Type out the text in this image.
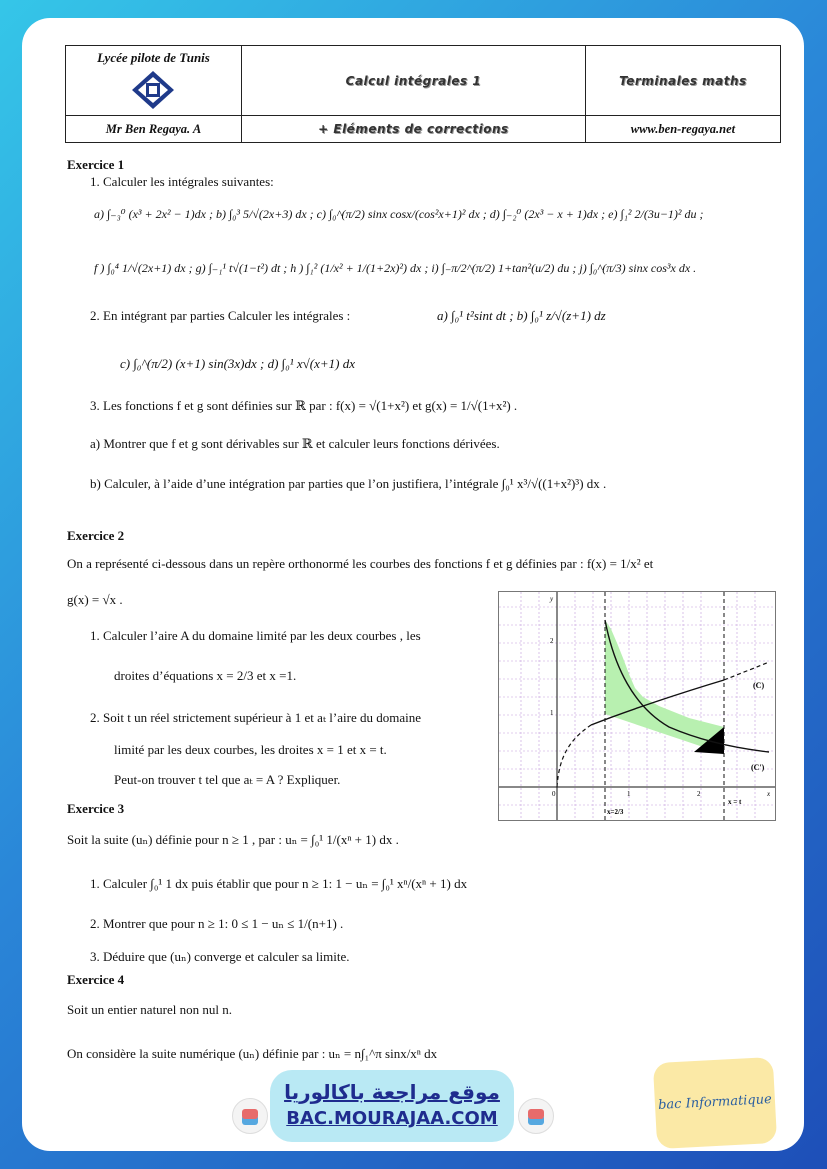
Lycée pilote de Tunis	Calcul intégrales 1	Terminales maths

Mr Ben Regaya. A	+ Eléments de corrections	www.ben-regaya.net
Exercice 1
1. Calculer les intégrales suivantes:
a) ∫₋₃⁰ (x³ + 2x² − 1)dx ; b) ∫₀³ 5/√(2x+3) dx ; c) ∫₀^(π/2) sinx cosx/(cos²x+1)² dx ; d) ∫₋₂⁰ (2x³ − x + 1)dx ; e) ∫₁² 2/(3u−1)² du ;
f ) ∫₀⁴ 1/√(2x+1) dx ; g) ∫₋₁¹ t√(1−t²) dt ; h ) ∫₁² (1/x² + 1/(1+2x)²) dx ; i) ∫₋π/2^(π/2) 1+tan²(u/2) du ; j) ∫₀^(π/3) sinx cos³x dx .
2. En intégrant par parties Calculer les intégrales :	a) ∫₀¹ t²sint dt ; b) ∫₀¹ z/√(z+1) dz
c) ∫₀^(π/2) (x+1) sin(3x)dx ; d) ∫₀¹ x√(x+1) dx
3. Les fonctions f et g sont définies sur ℝ par : f(x) = √(1+x²) et g(x) = 1/√(1+x²) .
a) Montrer que f et g sont dérivables sur ℝ et calculer leurs fonctions dérivées.
b) Calculer, à l’aide d’une intégration par parties que l’on justifiera, l’intégrale ∫₀¹ x³/√((1+x²)³) dx .
Exercice 2
On a représenté ci-dessous dans un repère orthonormé les courbes des fonctions f et g définies par : f(x) = 1/x² et
g(x) = √x .
1. Calculer l’aire A du domaine limité par les deux courbes , les
droites d’équations x = 2/3 et x =1.
2. Soit t un réel strictement supérieur à 1 et aₜ l’aire du domaine
limité par les deux courbes, les droites x = 1 et x = t.
Peut-on trouver t tel que aₜ = A ? Expliquer.
(C)
(C')
x=2/3
x = t
1
2
1	2
0	x
y
Exercice 3
Soit la suite (uₙ) définie pour n ≥ 1 , par : uₙ = ∫₀¹ 1/(xⁿ + 1) dx .
1. Calculer ∫₀¹ 1 dx puis établir que pour n ≥ 1: 1 − uₙ = ∫₀¹ xⁿ/(xⁿ + 1) dx
2. Montrer que pour n ≥ 1: 0 ≤ 1 − uₙ ≤ 1/(n+1) .
3. Déduire que (uₙ) converge et calculer sa limite.
Exercice 4
Soit un entier naturel non nul n.
On considère la suite numérique (uₙ) définie par : uₙ = n∫₁^π sinx/xⁿ dx
موقع مراجعة باكالوريا
BAC.MOURAJAA.COM
bac Informatique
